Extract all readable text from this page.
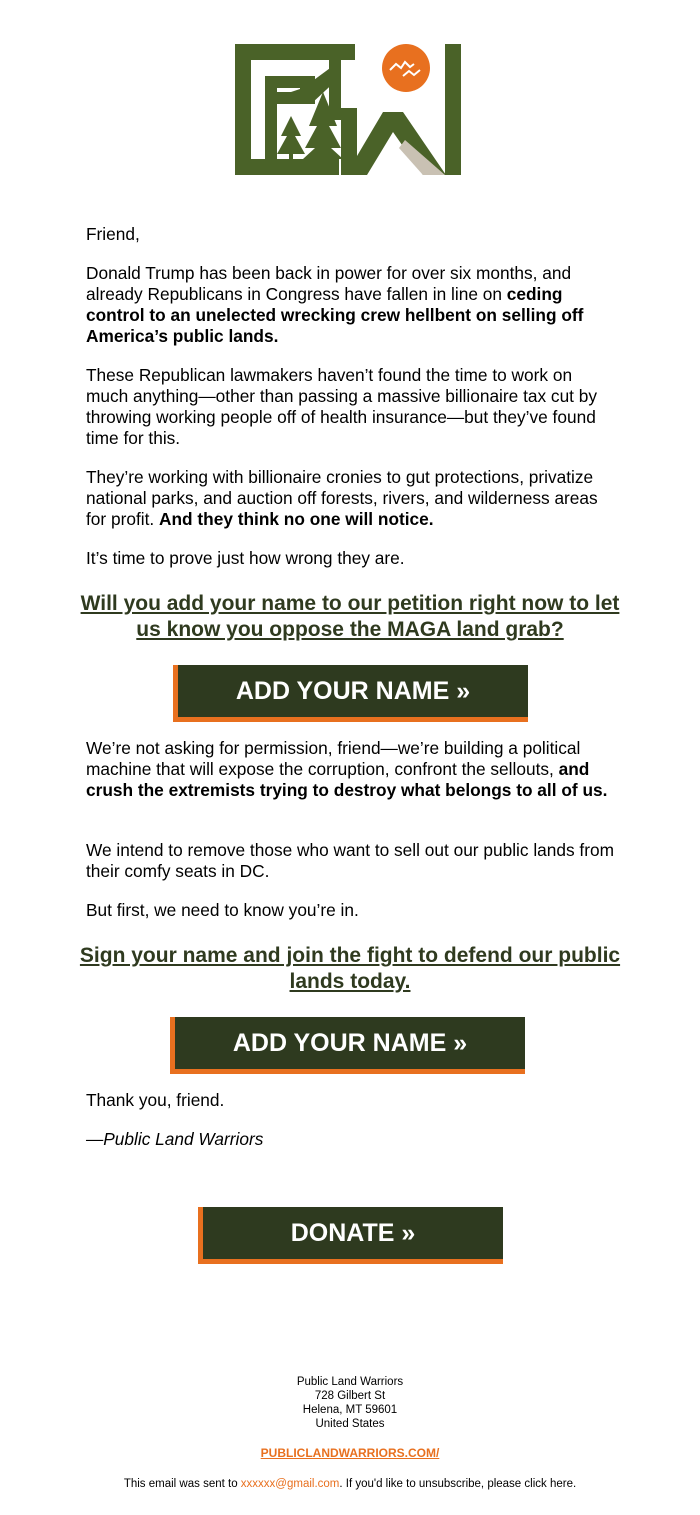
Friend,

Donald Trump has been back in power for over six months, and already Republicans in Congress have fallen in line on ceding control to an unelected wrecking crew hellbent on selling off America’s public lands.

These Republican lawmakers haven’t found the time to work on much anything—other than passing a massive billionaire tax cut by throwing working people off of health insurance—but they’ve found time for this.

They’re working with billionaire cronies to gut protections, privatize national parks, and auction off forests, rivers, and wilderness areas for profit. And they think no one will notice.

It’s time to prove just how wrong they are.

Will you add your name to our petition right now to let us know you oppose the MAGA land grab?

ADD YOUR NAME »

We’re not asking for permission, friend—we’re building a political machine that will expose the corruption, confront the sellouts, and crush the extremists trying to destroy what belongs to all of us.

We intend to remove those who want to sell out our public lands from their comfy seats in DC.

But first, we need to know you’re in.

Sign your name and join the fight to defend our public lands today.

ADD YOUR NAME »

Thank you, friend.

—Public Land Warriors

DONATE »

Public Land Warriors
728 Gilbert St
Helena, MT 59601
United States

PUBLICLANDWARRIORS.COM/

This email was sent to xxxxxx@gmail.com. If you'd like to unsubscribe, please click here.
